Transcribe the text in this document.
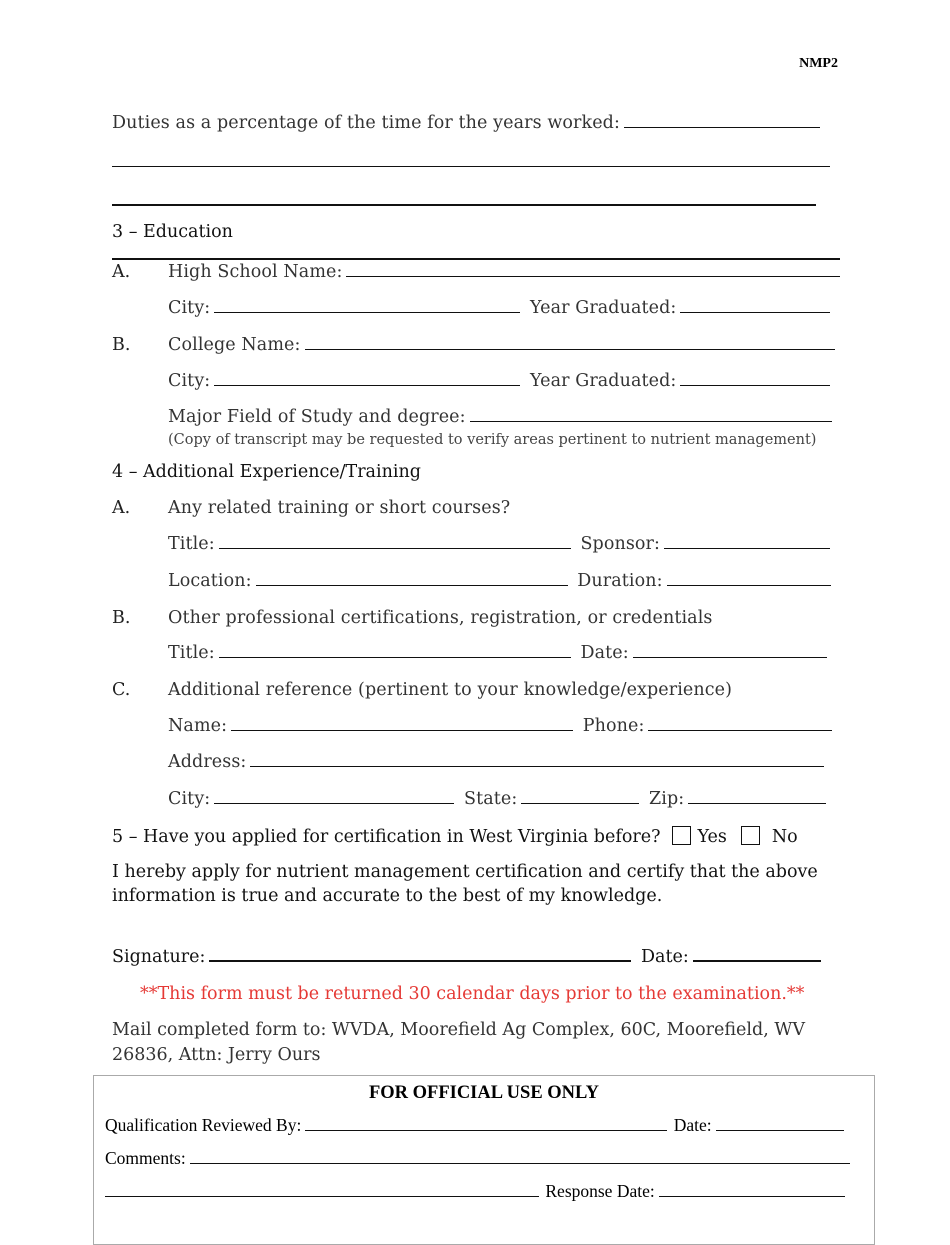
NMP2
Duties as a percentage of the time for the years worked:
3 – Education
A. High School Name:
City:	Year Graduated:
B. College Name:
City:	Year Graduated:
Major Field of Study and degree:
(Copy of transcript may be requested to verify areas pertinent to nutrient management)
4 – Additional Experience/Training
A. Any related training or short courses?
Title:	Sponsor:
Location:	Duration:
B. Other professional certifications, registration, or credentials
Title:	Date:
C. Additional reference (pertinent to your knowledge/experience)
Name:	Phone:
Address:
City:	State:	Zip:
5 – Have you applied for certification in West Virginia before? Yes	No
I hereby apply for nutrient management certification and certify that the above
information is true and accurate to the best of my knowledge.
Signature:	Date:
**This form must be returned 30 calendar days prior to the examination.**
Mail completed form to: WVDA, Moorefield Ag Complex, 60C, Moorefield, WV
26836, Attn: Jerry Ours
FOR OFFICIAL USE ONLY
Qualification Reviewed By:	Date:
Comments:
Response Date:
